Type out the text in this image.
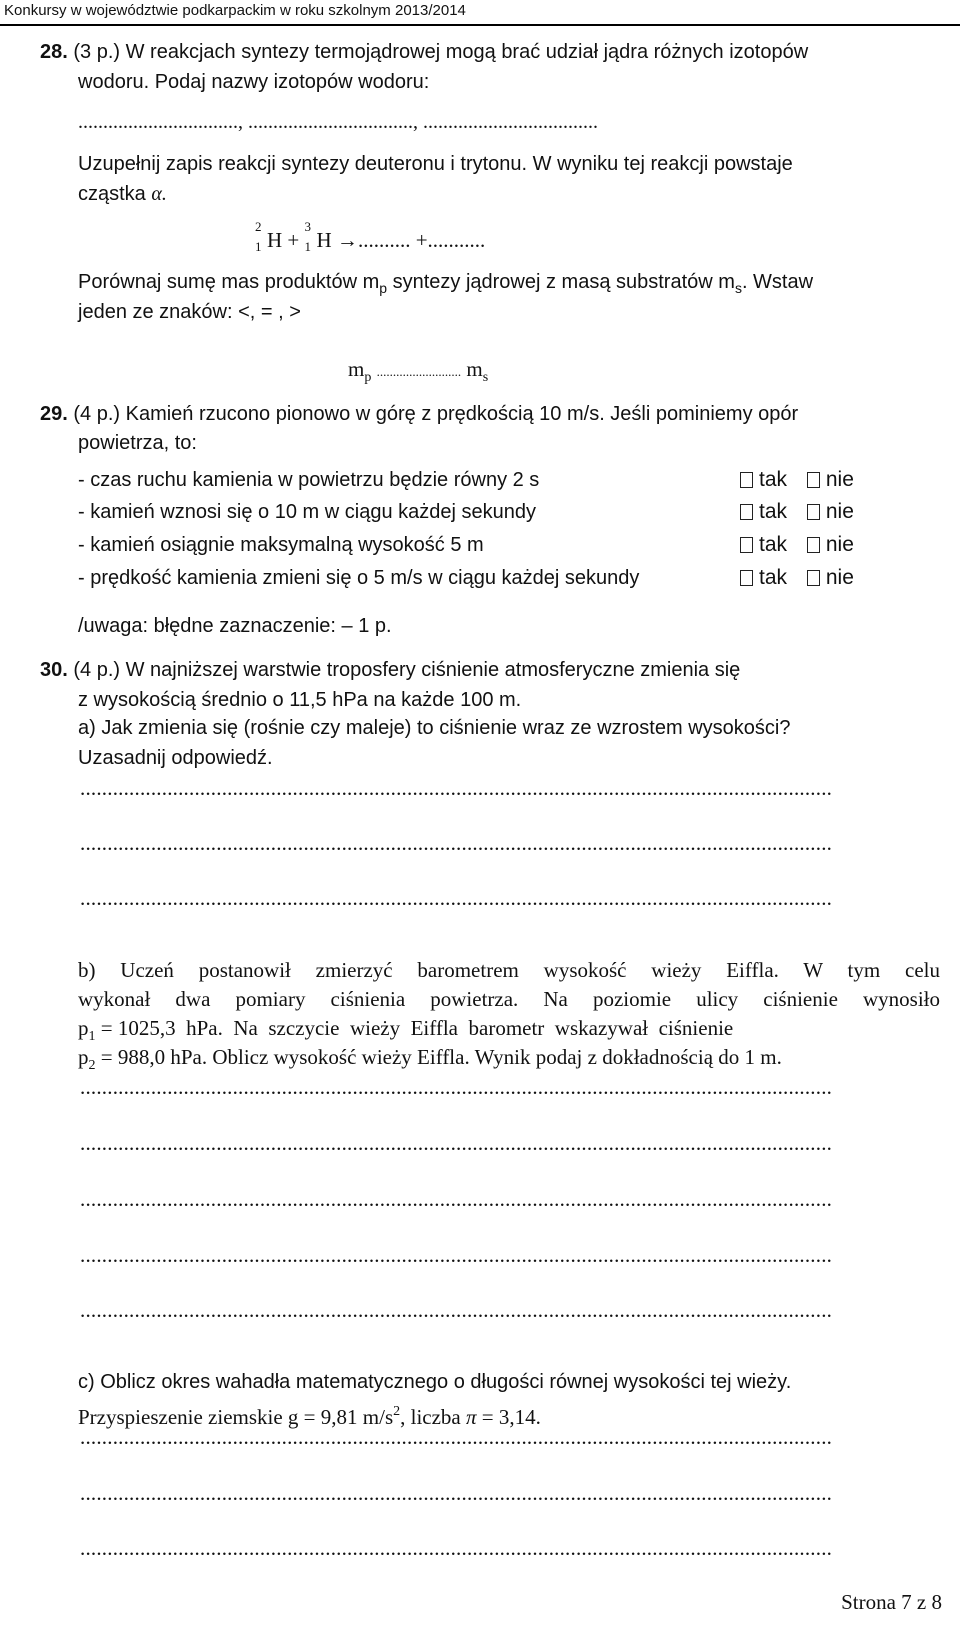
Konkursy w województwie podkarpackim w roku szkolnym 2013/2014
28. (3 p.) W reakcjach syntezy termojądrowej mogą brać udział jądra różnych izotopów
wodoru. Podaj nazwy izotopów wodoru:
................................, ................................., ...................................
Uzupełnij zapis reakcji syntezy deuteronu i trytonu. W wyniku tej reakcji powstaje
cząstka α.
2
1 H +
3
1 H →.......... +...........
Porównaj sumę mas produktów $m_p$ syntezy jądrowej z masą substratów $m_s$. Wstaw
jeden ze znaków: <, = , >
$m_p$ .......................... $m_s$
29. (4 p.) Kamień rzucono pionowo w górę z prędkością 10 m/s. Jeśli pominiemy opór
powietrza, to:
- czas ruchu kamienia w powietrzu będzie równy 2 s	tak nie
- kamień wznosi się o 10 m w ciągu każdej sekundy	tak nie
- kamień osiągnie maksymalną wysokość 5 m	tak nie
- prędkość kamienia zmieni się o 5 m/s w ciągu każdej sekundy	tak nie
/uwaga: błędne zaznaczenie: – 1 p.
30. (4 p.) W najniższej warstwie troposfery ciśnienie atmosferyczne zmienia się
z wysokością średnio o 11,5 hPa na każde 100 m.
a) Jak zmienia się (rośnie czy maleje) to ciśnienie wraz ze wzrostem wysokości?
Uzasadnij odpowiedź.
..........................................................................................................................................
..........................................................................................................................................
..........................................................................................................................................
b) Uczeń postanowił zmierzyć barometrem wysokość wieży Eiffla. W tym celu
wykonał dwa pomiary ciśnienia powietrza. Na poziomie ulicy ciśnienie wynosiło
$p_1 = 1025,3$  hPa.  Na  szczycie  wieży  Eiffla  barometr  wskazywał  ciśnienie
$p_2 = 988,0$ hPa. Oblicz wysokość wieży Eiffla. Wynik podaj z dokładnością do 1 m.
..........................................................................................................................................
..........................................................................................................................................
..........................................................................................................................................
..........................................................................................................................................
..........................................................................................................................................
c) Oblicz okres wahadła matematycznego o długości równej wysokości tej wieży.
Przyspieszenie ziemskie g = 9,81 $m/s^2$, liczba π = 3,14.
..........................................................................................................................................
..........................................................................................................................................
..........................................................................................................................................
Strona 7 z 8
